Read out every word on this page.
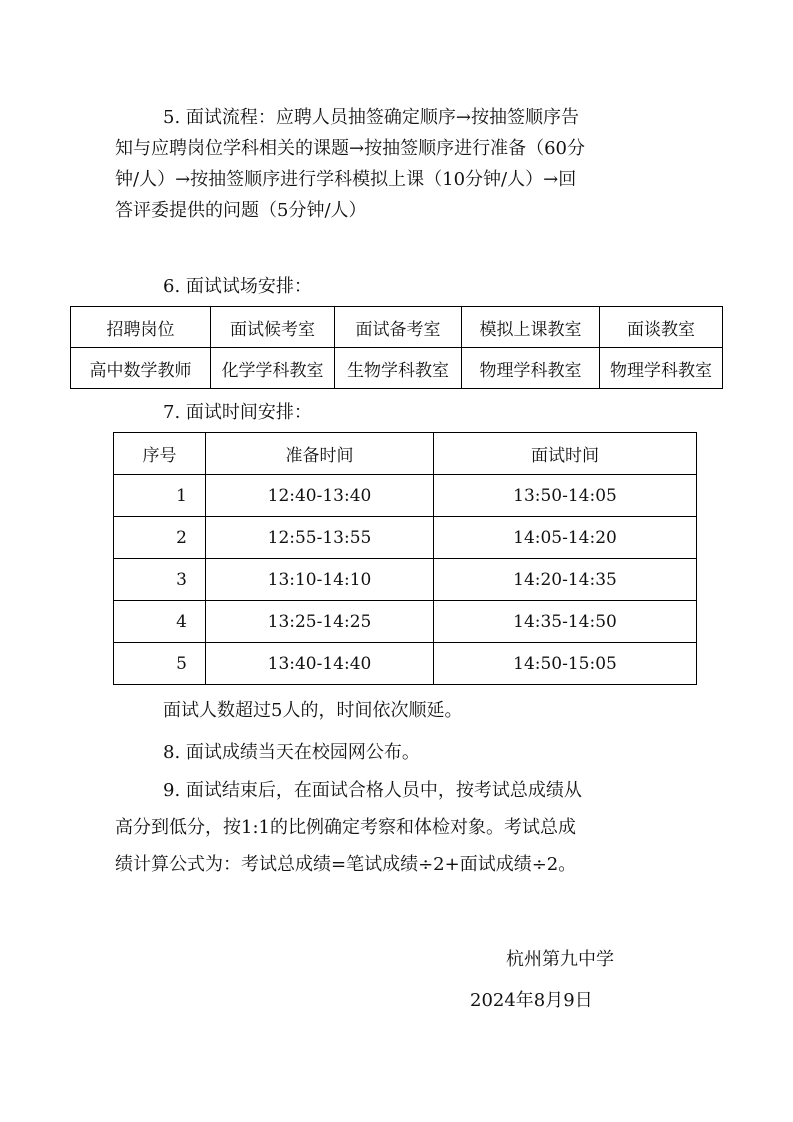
5. 面试流程：应聘人员抽签确定顺序→按抽签顺序告
知与应聘岗位学科相关的课题→按抽签顺序进行准备（60分
钟/人）→按抽签顺序进行学科模拟上课（10分钟/人）→回
答评委提供的问题（5分钟/人）
6. 面试试场安排：
招聘岗位	面试候考室	面试备考室	模拟上课教室	面谈教室
高中数学教师	化学学科教室	生物学科教室	物理学科教室	物理学科教室
7. 面试时间安排：
序号	准备时间	面试时间
1	12:40-13:40	13:50-14:05
2	12:55-13:55	14:05-14:20
3	13:10-14:10	14:20-14:35
4	13:25-14:25	14:35-14:50
5	13:40-14:40	14:50-15:05
面试人数超过5人的，时间依次顺延。
8. 面试成绩当天在校园网公布。
9. 面试结束后，在面试合格人员中，按考试总成绩从
高分到低分，按1:1的比例确定考察和体检对象。考试总成
绩计算公式为：考试总成绩=笔试成绩÷2+面试成绩÷2。
杭州第九中学
2024年8月9日
